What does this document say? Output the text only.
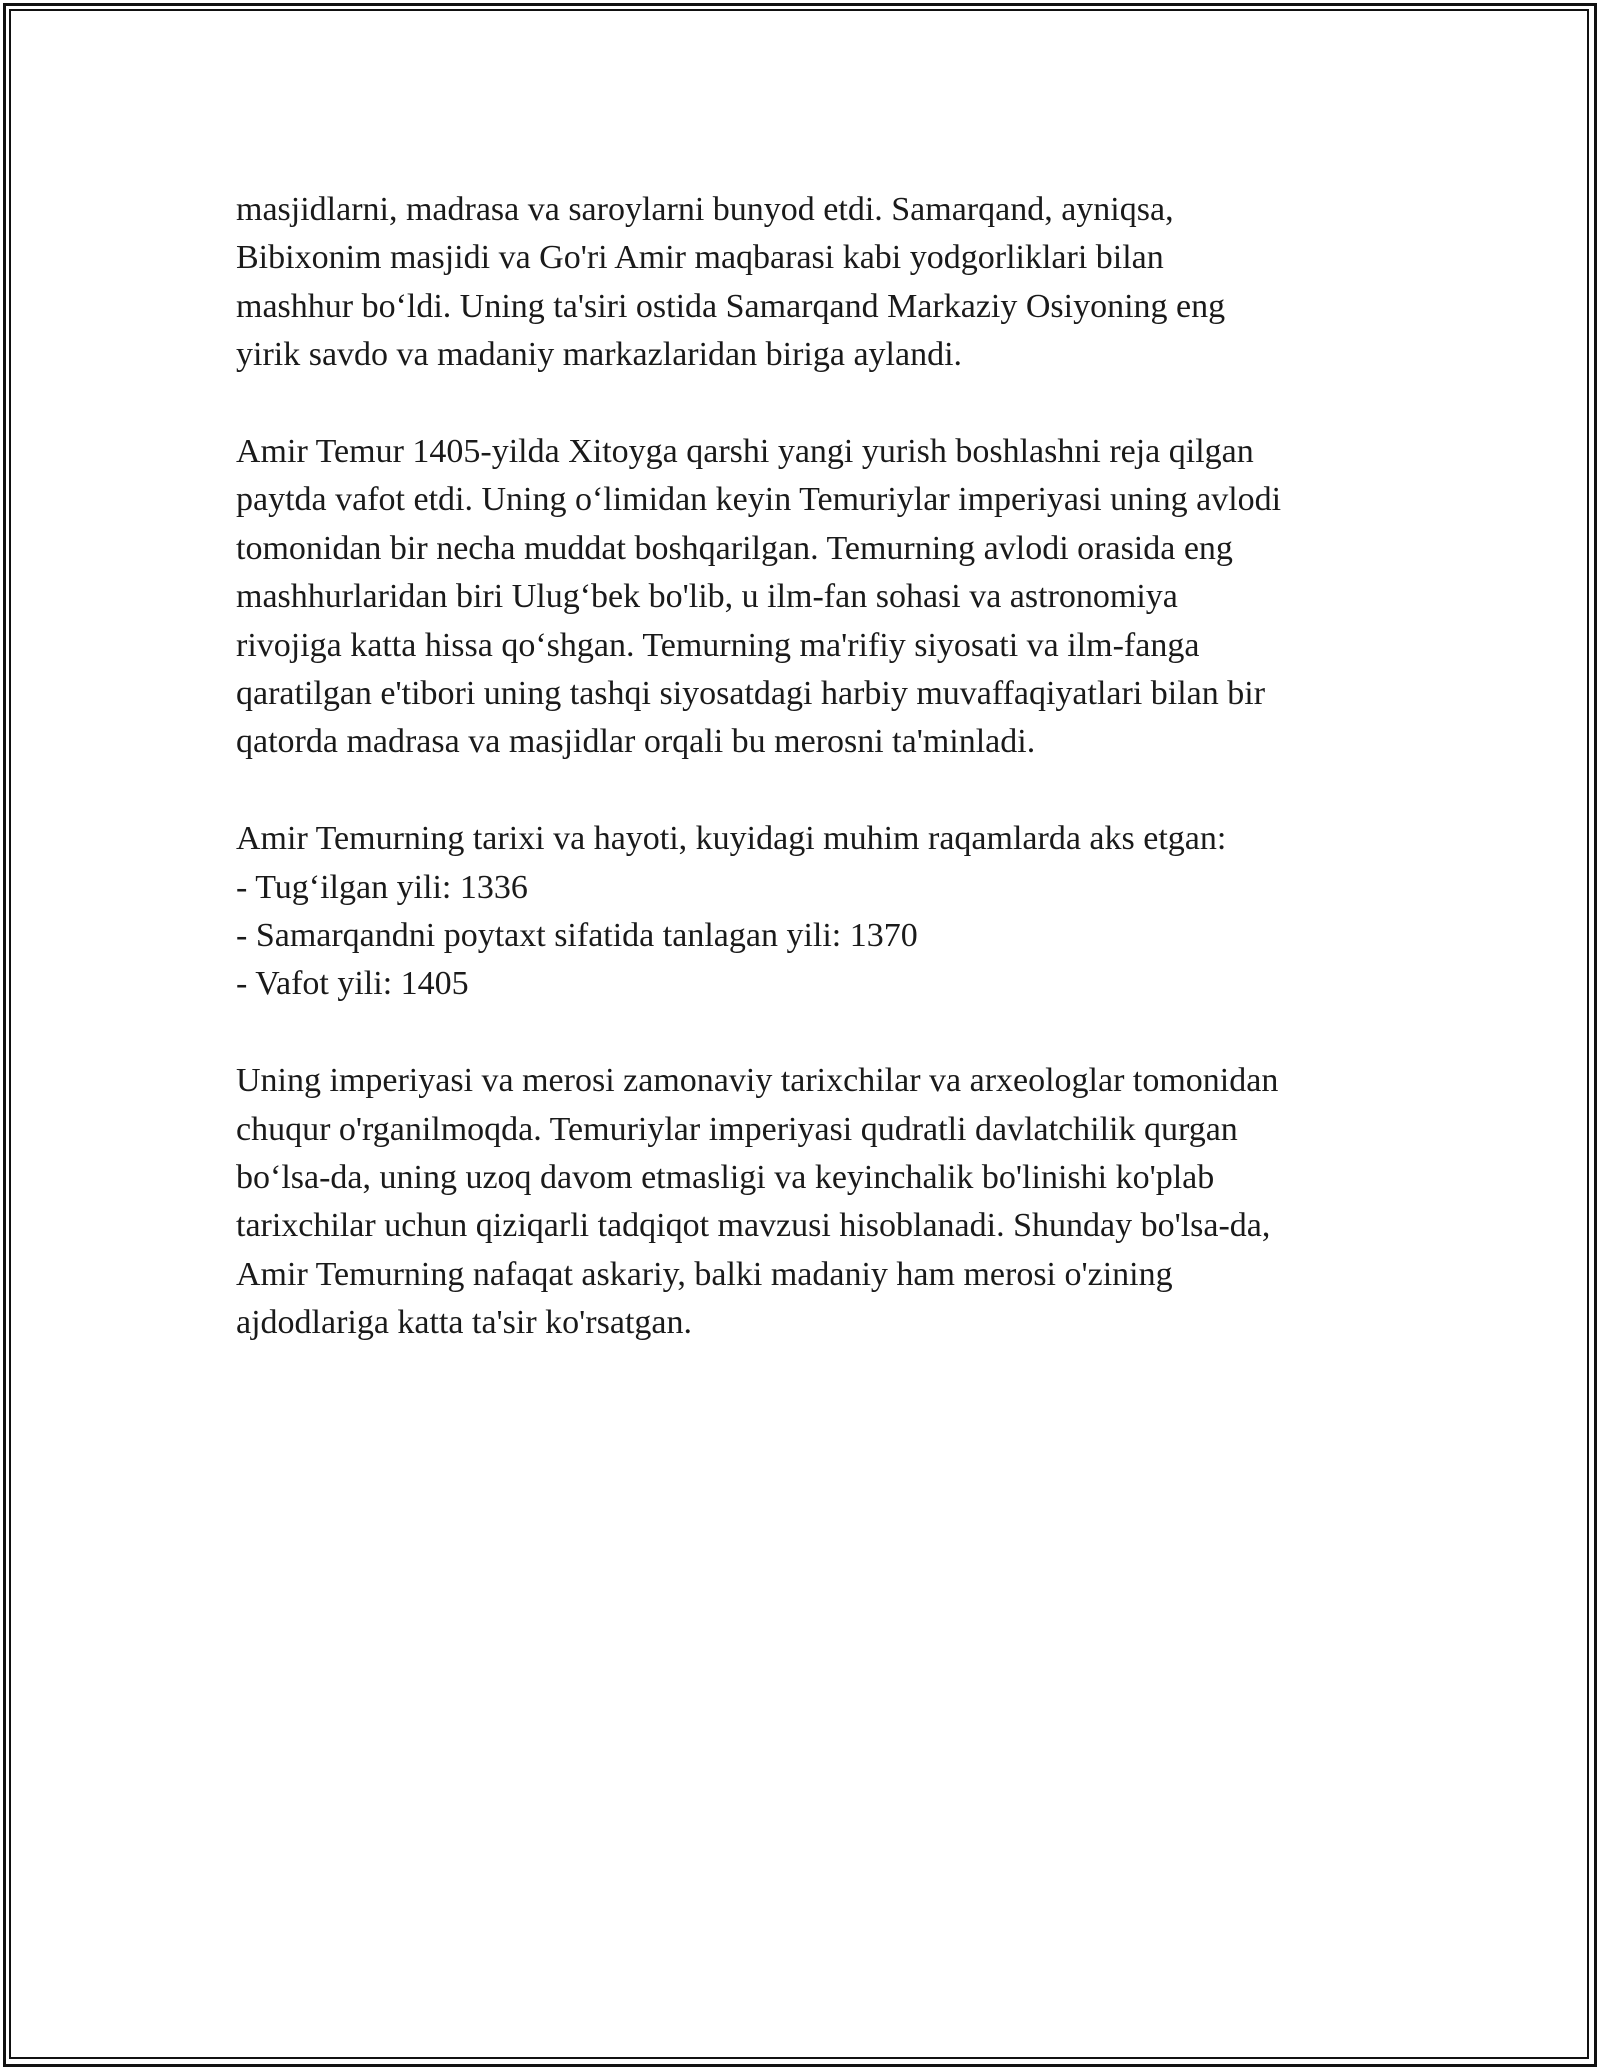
masjidlarni, madrasa va saroylarni bunyod etdi. Samarqand, ayniqsa,
Bibixonim masjidi va Go'ri Amir maqbarasi kabi yodgorliklari bilan
mashhur bo‘ldi. Uning ta'siri ostida Samarqand Markaziy Osiyoning eng
yirik savdo va madaniy markazlaridan biriga aylandi.

Amir Temur 1405-yilda Xitoyga qarshi yangi yurish boshlashni reja qilgan
paytda vafot etdi. Uning o‘limidan keyin Temuriylar imperiyasi uning avlodi
tomonidan bir necha muddat boshqarilgan. Temurning avlodi orasida eng
mashhurlaridan biri Ulug‘bek bo'lib, u ilm-fan sohasi va astronomiya
rivojiga katta hissa qo‘shgan. Temurning ma'rifiy siyosati va ilm-fanga
qaratilgan e'tibori uning tashqi siyosatdagi harbiy muvaffaqiyatlari bilan bir
qatorda madrasa va masjidlar orqali bu merosni ta'minladi.

Amir Temurning tarixi va hayoti, kuyidagi muhim raqamlarda aks etgan:

- Tug‘ilgan yili: 1336
- Samarqandni poytaxt sifatida tanlagan yili: 1370
- Vafot yili: 1405

Uning imperiyasi va merosi zamonaviy tarixchilar va arxeologlar tomonidan
chuqur o'rganilmoqda. Temuriylar imperiyasi qudratli davlatchilik qurgan
bo‘lsa-da, uning uzoq davom etmasligi va keyinchalik bo'linishi ko'plab
tarixchilar uchun qiziqarli tadqiqot mavzusi hisoblanadi. Shunday bo'lsa-da,
Amir Temurning nafaqat askariy, balki madaniy ham merosi o'zining
ajdodlariga katta ta'sir ko'rsatgan.
